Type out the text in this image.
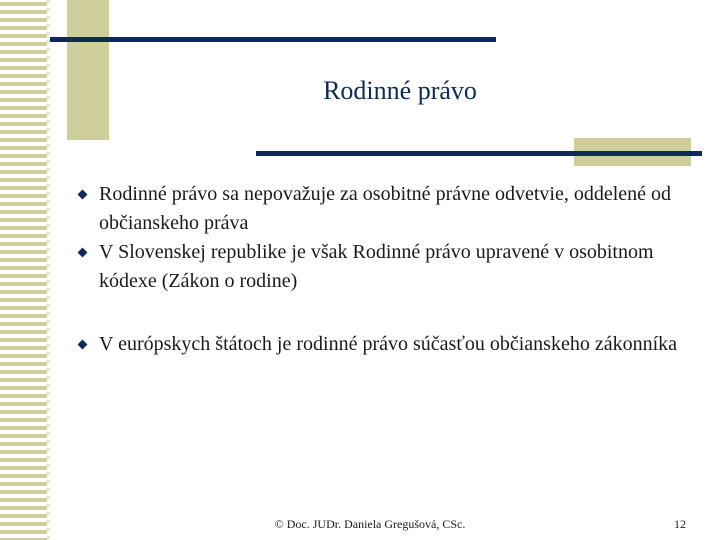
Rodinné právo
Rodinné právo sa nepovažuje za osobitné právne odvetvie, oddelené od občianskeho práva
V Slovenskej republike je však Rodinné právo upravené v osobitnom kódexe (Zákon o rodine)
V európskych štátoch je rodinné právo súčasťou občianskeho zákonníka
© Doc. JUDr. Daniela Gregušová, CSc.	12
